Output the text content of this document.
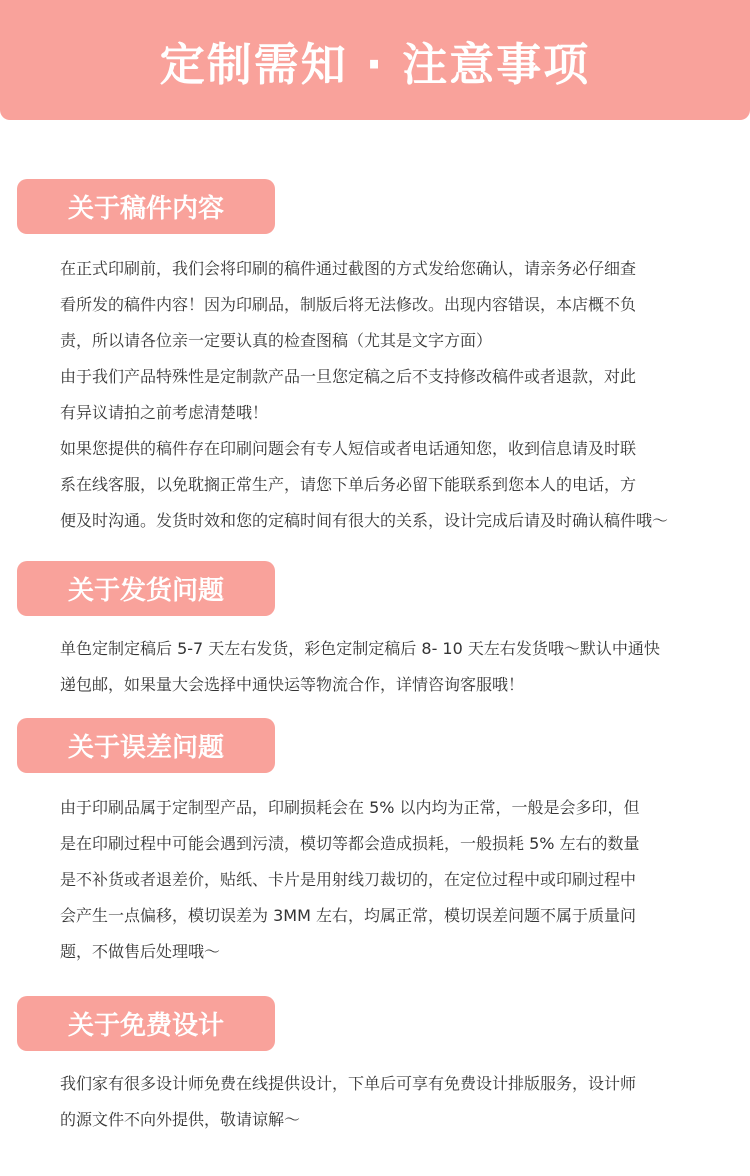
定制需知 · 注意事项
关于稿件内容

在正式印刷前，我们会将印刷的稿件通过截图的方式发给您确认，请亲务必仔细查

看所发的稿件内容！因为印刷品，制版后将无法修改。出现内容错误，本店概不负

责，所以请各位亲一定要认真的检查图稿（尤其是文字方面）

由于我们产品特殊性是定制款产品一旦您定稿之后不支持修改稿件或者退款，对此

有异议请拍之前考虑清楚哦！

如果您提供的稿件存在印刷问题会有专人短信或者电话通知您，收到信息请及时联

系在线客服，以免耽搁正常生产，请您下单后务必留下能联系到您本人的电话，方

便及时沟通。发货时效和您的定稿时间有很大的关系，设计完成后请及时确认稿件哦～

关于发货问题

单色定制定稿后 5-7 天左右发货，彩色定制定稿后 8- 10 天左右发货哦～默认中通快

递包邮，如果量大会选择中通快运等物流合作，详情咨询客服哦！

关于误差问题

由于印刷品属于定制型产品，印刷损耗会在 5% 以内均为正常，一般是会多印，但

是在印刷过程中可能会遇到污渍，模切等都会造成损耗，一般损耗 5% 左右的数量

是不补货或者退差价，贴纸、卡片是用射线刀裁切的，在定位过程中或印刷过程中

会产生一点偏移，模切误差为 3MM 左右，均属正常，模切误差问题不属于质量问

题，不做售后处理哦～

关于免费设计

我们家有很多设计师免费在线提供设计，下单后可享有免费设计排版服务，设计师

的源文件不向外提供，敬请谅解～
